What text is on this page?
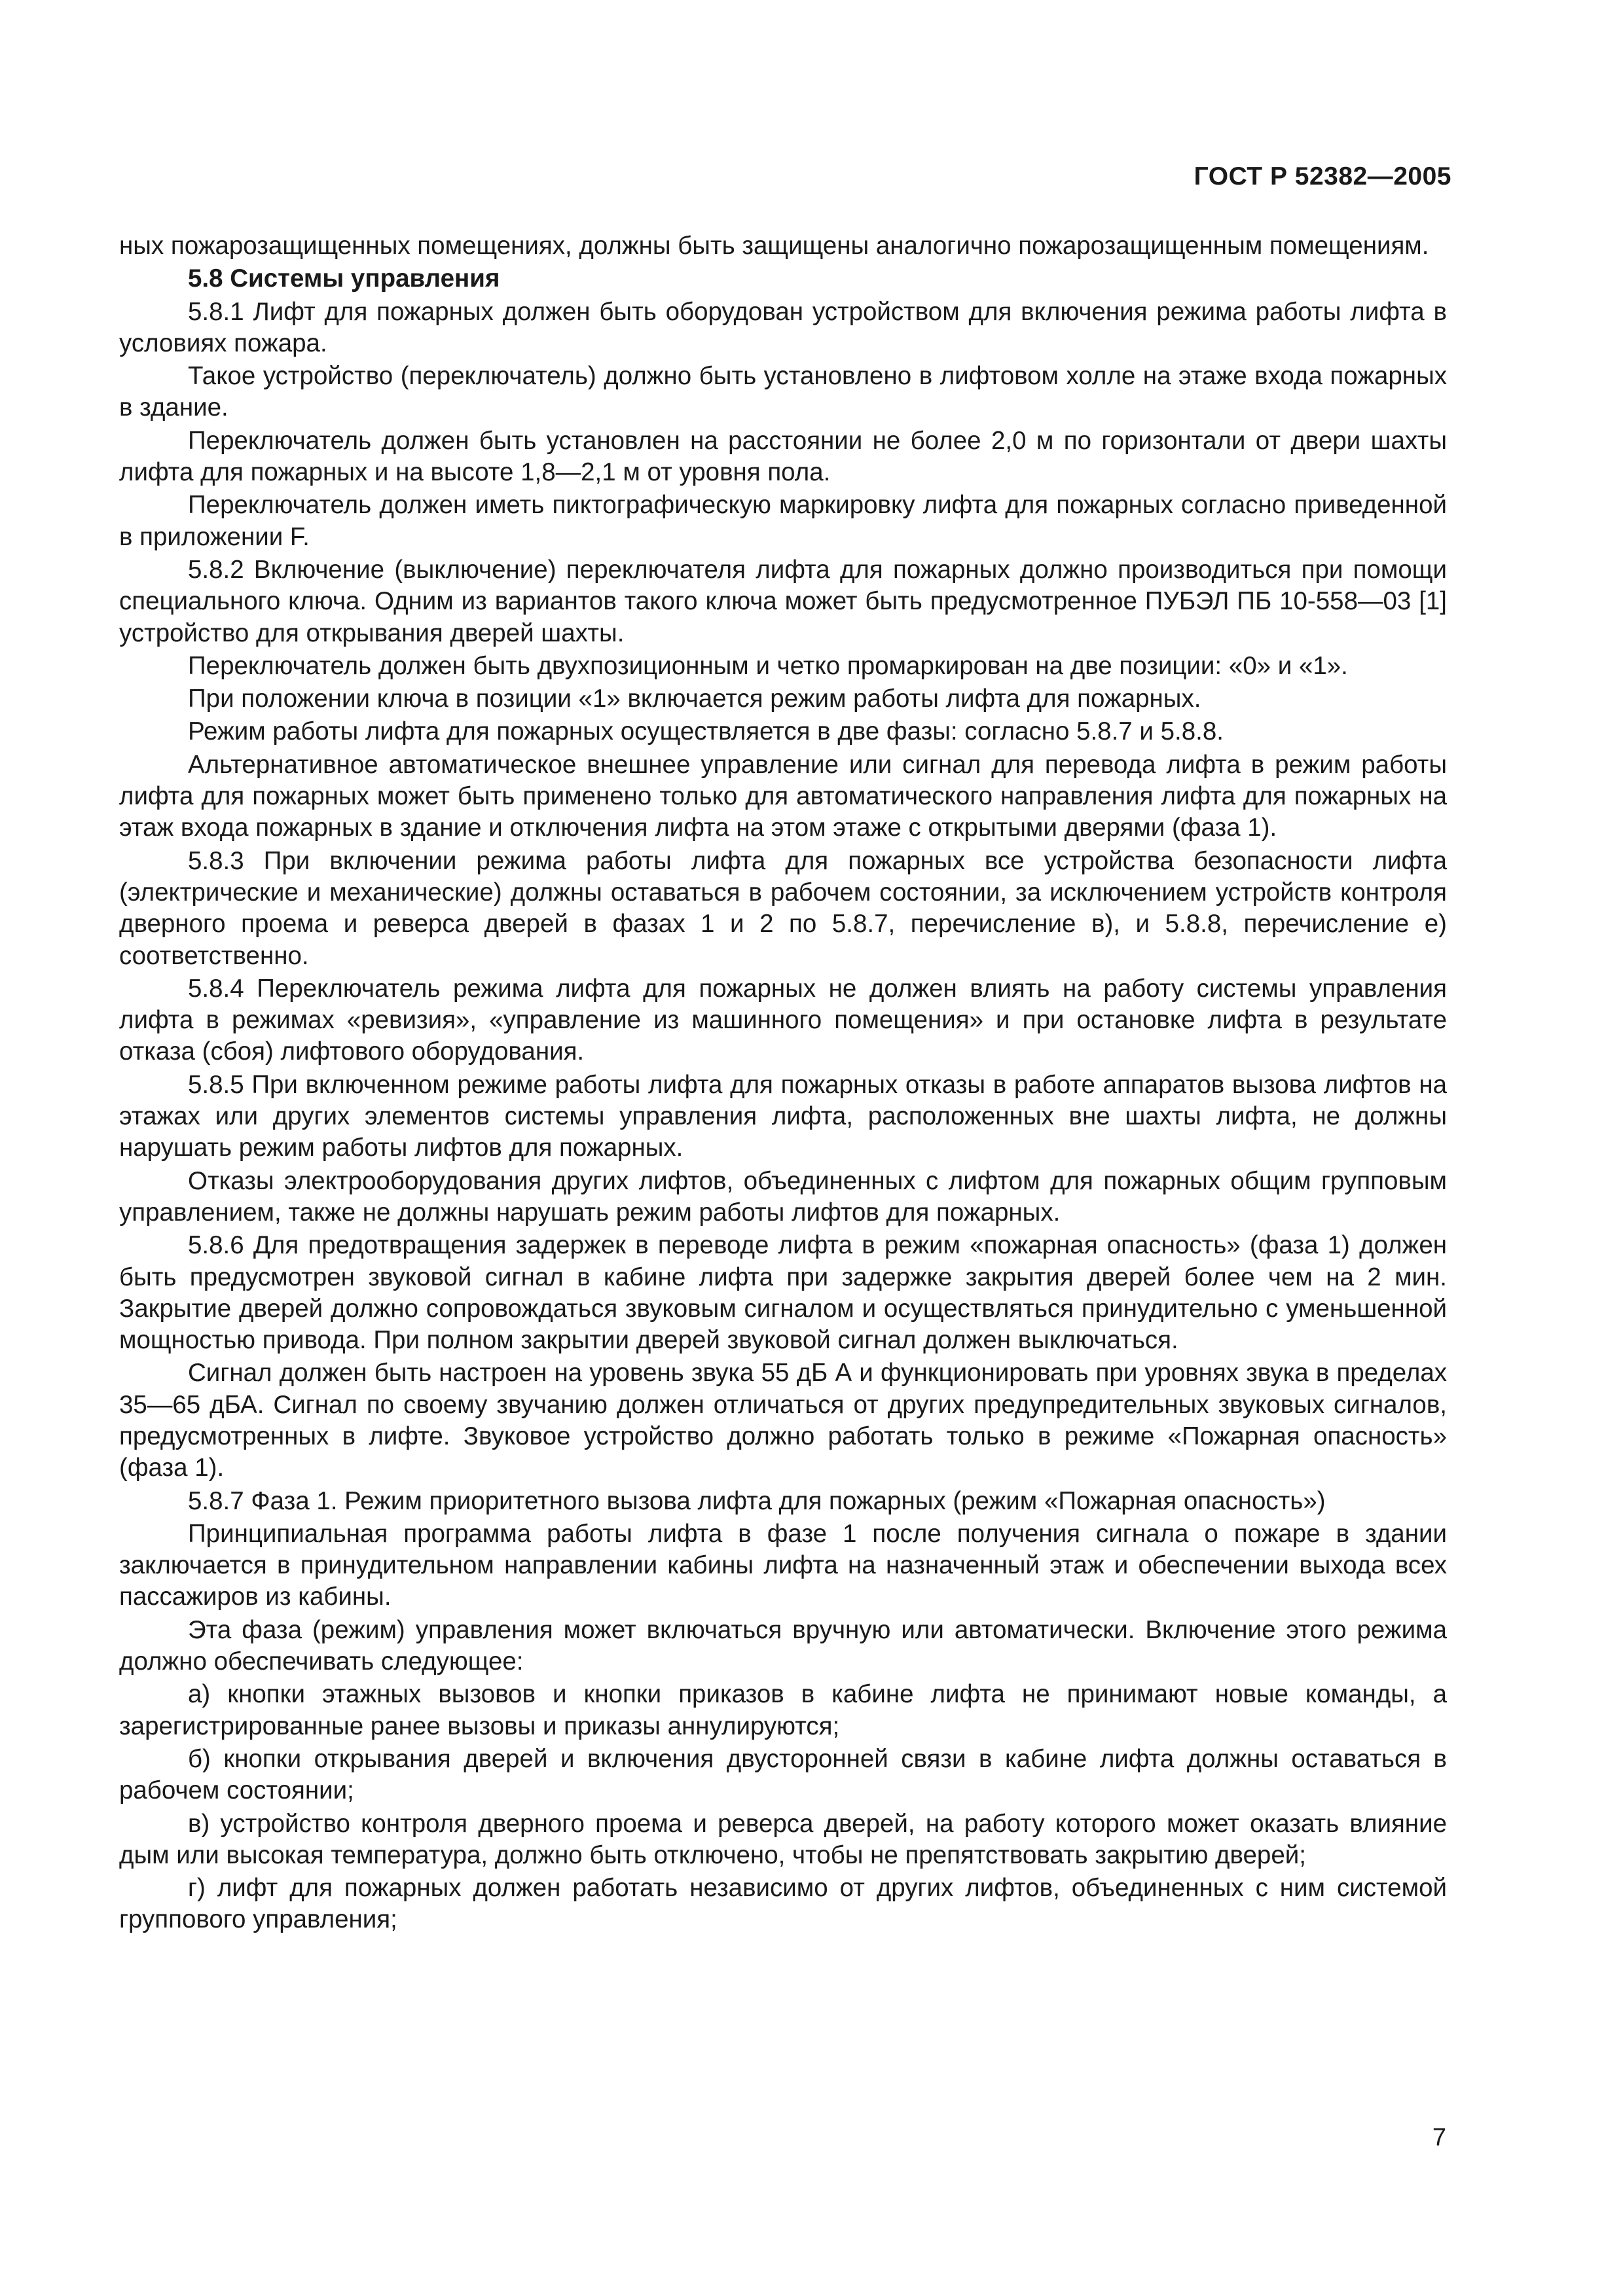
ГОСТ Р 52382—2005

ных пожарозащищенных помещениях, должны быть защищены аналогично пожарозащищенным помещениям.

5.8 Системы управления

5.8.1 Лифт для пожарных должен быть оборудован устройством для включения режима работы лифта в условиях пожара.

Такое устройство (переключатель) должно быть установлено в лифтовом холле на этаже входа пожарных в здание.

Переключатель должен быть установлен на расстоянии не более 2,0 м по горизонтали от двери шахты лифта для пожарных и на высоте 1,8—2,1 м от уровня пола.

Переключатель должен иметь пиктографическую маркировку лифта для пожарных согласно приведенной в приложении F.

5.8.2 Включение (выключение) переключателя лифта для пожарных должно производиться при помощи специального ключа. Одним из вариантов такого ключа может быть предусмотренное ПУБЭЛ ПБ 10-558—03 [1] устройство для открывания дверей шахты.

Переключатель должен быть двухпозиционным и четко промаркирован на две позиции: «0» и «1».

При положении ключа в позиции «1» включается режим работы лифта для пожарных.

Режим работы лифта для пожарных осуществляется в две фазы: согласно 5.8.7 и 5.8.8.

Альтернативное автоматическое внешнее управление или сигнал для перевода лифта в режим работы лифта для пожарных может быть применено только для автоматического направления лифта для пожарных на этаж входа пожарных в здание и отключения лифта на этом этаже с открытыми дверями (фаза 1).

5.8.3 При включении режима работы лифта для пожарных все устройства безопасности лифта (электрические и механические) должны оставаться в рабочем состоянии, за исключением устройств контроля дверного проема и реверса дверей в фазах 1 и 2 по 5.8.7, перечисление в), и 5.8.8, перечисление е) соответственно.

5.8.4 Переключатель режима лифта для пожарных не должен влиять на работу системы управления лифта в режимах «ревизия», «управление из машинного помещения» и при остановке лифта в результате отказа (сбоя) лифтового оборудования.

5.8.5 При включенном режиме работы лифта для пожарных отказы в работе аппаратов вызова лифтов на этажах или других элементов системы управления лифта, расположенных вне шахты лифта, не должны нарушать режим работы лифтов для пожарных.

Отказы электрооборудования других лифтов, объединенных с лифтом для пожарных общим групповым управлением, также не должны нарушать режим работы лифтов для пожарных.

5.8.6 Для предотвращения задержек в переводе лифта в режим «пожарная опасность» (фаза 1) должен быть предусмотрен звуковой сигнал в кабине лифта при задержке закрытия дверей более чем на 2 мин. Закрытие дверей должно сопровождаться звуковым сигналом и осуществляться принудительно с уменьшенной мощностью привода. При полном закрытии дверей звуковой сигнал должен выключаться.

Сигнал должен быть настроен на уровень звука 55 дБ А и функционировать при уровнях звука в пределах 35—65 дБА. Сигнал по своему звучанию должен отличаться от других предупредительных звуковых сигналов, предусмотренных в лифте. Звуковое устройство должно работать только в режиме «Пожарная опасность» (фаза 1).

5.8.7 Фаза 1. Режим приоритетного вызова лифта для пожарных (режим «Пожарная опасность»)

Принципиальная программа работы лифта в фазе 1 после получения сигнала о пожаре в здании заключается в принудительном направлении кабины лифта на назначенный этаж и обеспечении выхода всех пассажиров из кабины.

Эта фаза (режим) управления может включаться вручную или автоматически. Включение этого режима должно обеспечивать следующее:

а) кнопки этажных вызовов и кнопки приказов в кабине лифта не принимают новые команды, а зарегистрированные ранее вызовы и приказы аннулируются;

б) кнопки открывания дверей и включения двусторонней связи в кабине лифта должны оставаться в рабочем состоянии;

в) устройство контроля дверного проема и реверса дверей, на работу которого может оказать влияние дым или высокая температура, должно быть отключено, чтобы не препятствовать закрытию дверей;

г) лифт для пожарных должен работать независимо от других лифтов, объединенных с ним системой группового управления;

7
